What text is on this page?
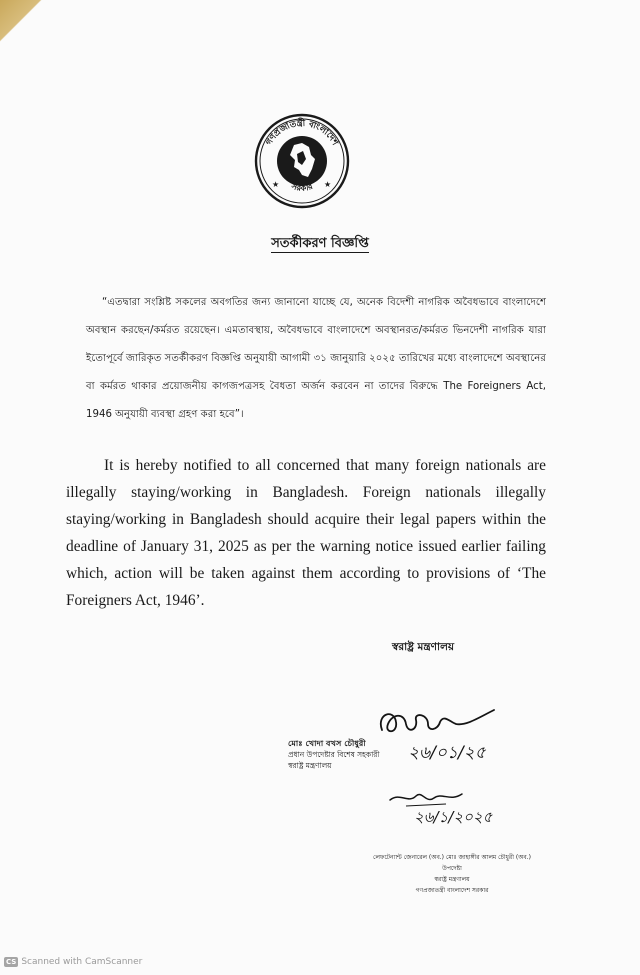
গণপ্রজাতন্ত্রী বাংলাদেশ
সরকার
★	★
সতর্কীকরণ বিজ্ঞপ্তি

“এতদ্বারা সংশ্লিষ্ট সকলের অবগতির জন্য জানানো যাচ্ছে যে, অনেক বিদেশী নাগরিক অবৈধভাবে বাংলাদেশে অবস্থান করছেন/কর্মরত রয়েছেন। এমতাবস্থায়, অবৈধভাবে বাংলাদেশে অবস্থানরত/কর্মরত ভিনদেশী নাগরিক যারা ইতোপূর্বে জারিকৃত সতর্কীকরণ বিজ্ঞপ্তি অনুযায়ী আগামী ৩১ জানুয়ারি ২০২৫ তারিখের মধ্যে বাংলাদেশে অবস্থানের বা কর্মরত থাকার প্রয়োজনীয় কাগজপত্রসহ বৈধতা অর্জন করবেন না তাদের বিরুদ্ধে The Foreigners Act, 1946 অনুযায়ী ব্যবস্থা গ্রহণ করা হবে”।

It is hereby notified to all concerned that many foreign nationals are illegally staying/working in Bangladesh. Foreign nationals illegally staying/working in Bangladesh should acquire their legal papers within the deadline of January 31, 2025 as per the warning notice issued earlier failing which, action will be taken against them according to provisions of ‘The Foreigners Act, 1946’.

স্বরাষ্ট্র মন্ত্রণালয়
২৬/০১/২৫
মোঃ খোদা বখস চৌধুরী
প্রধান উপদেষ্টার বিশেষ সহকারী
স্বরাষ্ট্র মন্ত্রণালয়
২৬/১/২০২৫
লেফটেন্যান্ট জেনারেল (অব.) মোঃ জাহাঙ্গীর আলম চৌধুরী (অব.)
উপদেষ্টা
স্বরাষ্ট্র মন্ত্রণালয়
গণপ্রজাতন্ত্রী বাংলাদেশ সরকার
CS Scanned with CamScanner
